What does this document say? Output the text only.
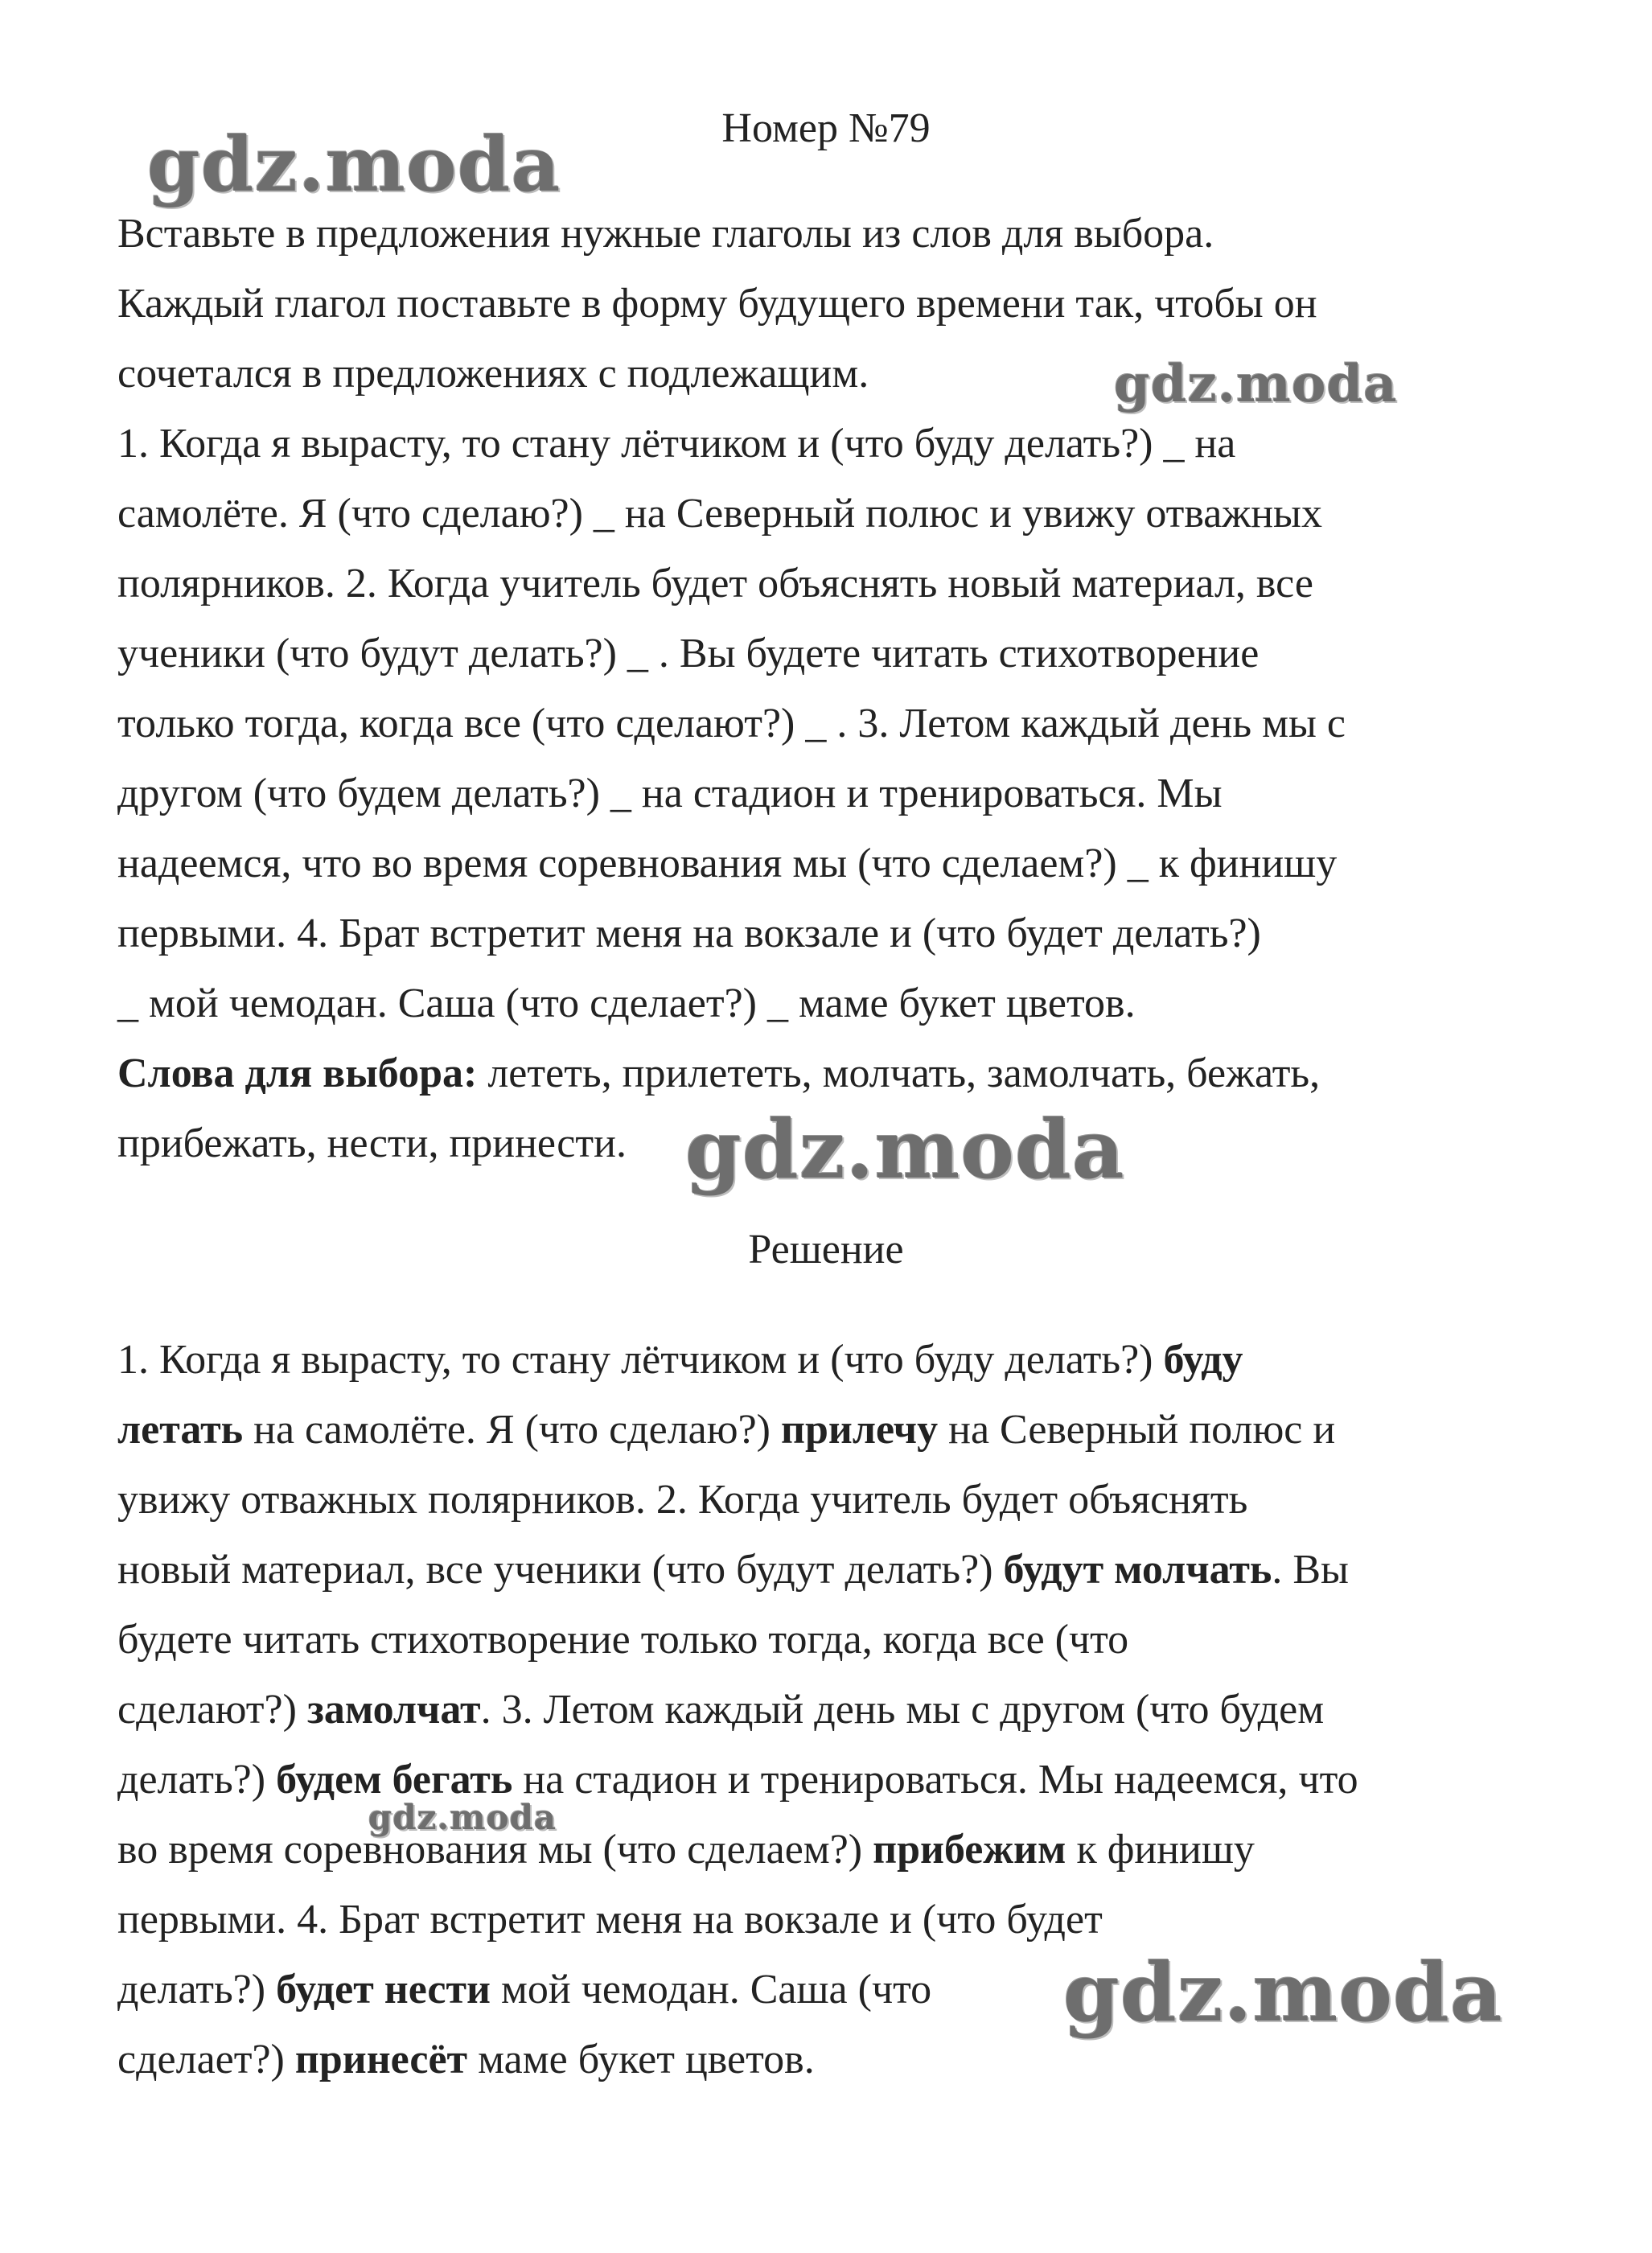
Номер №79
Вставьте в предложения нужные глаголы из слов для выбора.
Каждый глагол поставьте в форму будущего времени так, чтобы он
сочетался в предложениях с подлежащим.
1. Когда я вырасту, то стану лётчиком и (что буду делать?) _ на
самолёте. Я (что сделаю?) _ на Северный полюс и увижу отважных
полярников. 2. Когда учитель будет объяснять новый материал, все
ученики (что будут делать?) _ . Вы будете читать стихотворение
только тогда, когда все (что сделают?) _ . 3. Летом каждый день мы с
другом (что будем делать?) _ на стадион и тренироваться. Мы
надеемся, что во время соревнования мы (что сделаем?) _ к финишу
первыми. 4. Брат встретит меня на вокзале и (что будет делать?)
_ мой чемодан. Саша (что сделает?) _ маме букет цветов.
Слова для выбора: лететь, прилететь, молчать, замолчать, бежать,
прибежать, нести, принести.
Решение
1. Когда я вырасту, то стану лётчиком и (что буду делать?) буду
летать на самолёте. Я (что сделаю?) прилечу на Северный полюс и
увижу отважных полярников. 2. Когда учитель будет объяснять
новый материал, все ученики (что будут делать?) будут молчать. Вы
будете читать стихотворение только тогда, когда все (что
сделают?) замолчат. 3. Летом каждый день мы с другом (что будем
делать?) будем бегать на стадион и тренироваться. Мы надеемся, что
во время соревнования мы (что сделаем?) прибежим к финишу
первыми. 4. Брат встретит меня на вокзале и (что будет
делать?) будет нести мой чемодан. Саша (что
сделает?) принесёт маме букет цветов.
gdz.moda
gdz.moda
gdz.moda
gdz.moda
gdz.moda
